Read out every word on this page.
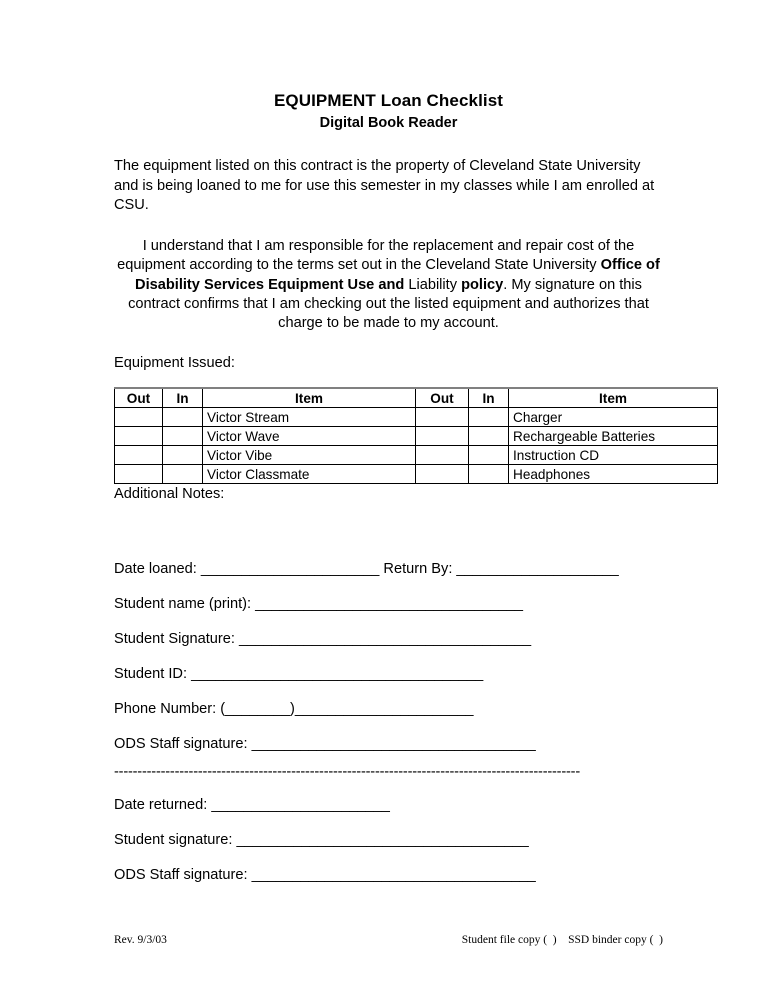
EQUIPMENT Loan Checklist
Digital Book Reader

The equipment listed on this contract is the property of Cleveland State University and is being loaned to me for use this semester in my classes while I am enrolled at CSU.

I understand that I am responsible for the replacement and repair cost of the equipment according to the terms set out in the Cleveland State University Office of Disability Services Equipment Use and Liability policy. My signature on this contract confirms that I am checking out the listed equipment and authorizes that charge to be made to my account.

Equipment Issued:

Out	In	Item	Out	In	Item
		Victor Stream			Charger
		Victor Wave			Rechargeable Batteries
		Victor Vibe			Instruction CD
		Victor Classmate			Headphones

Additional Notes:

Date loaned: ______________________ Return By: ____________________

Student name (print): _________________________________

Student Signature: ____________________________________

Student ID: ____________________________________

Phone Number: (________)______________________

ODS Staff signature: ___________________________________

----------------------------------------------------------------------------------------------------

Date returned: ______________________

Student signature: ____________________________________

ODS Staff signature: ___________________________________

Rev. 9/3/03	Student file copy (  )    SSD binder copy (  )
